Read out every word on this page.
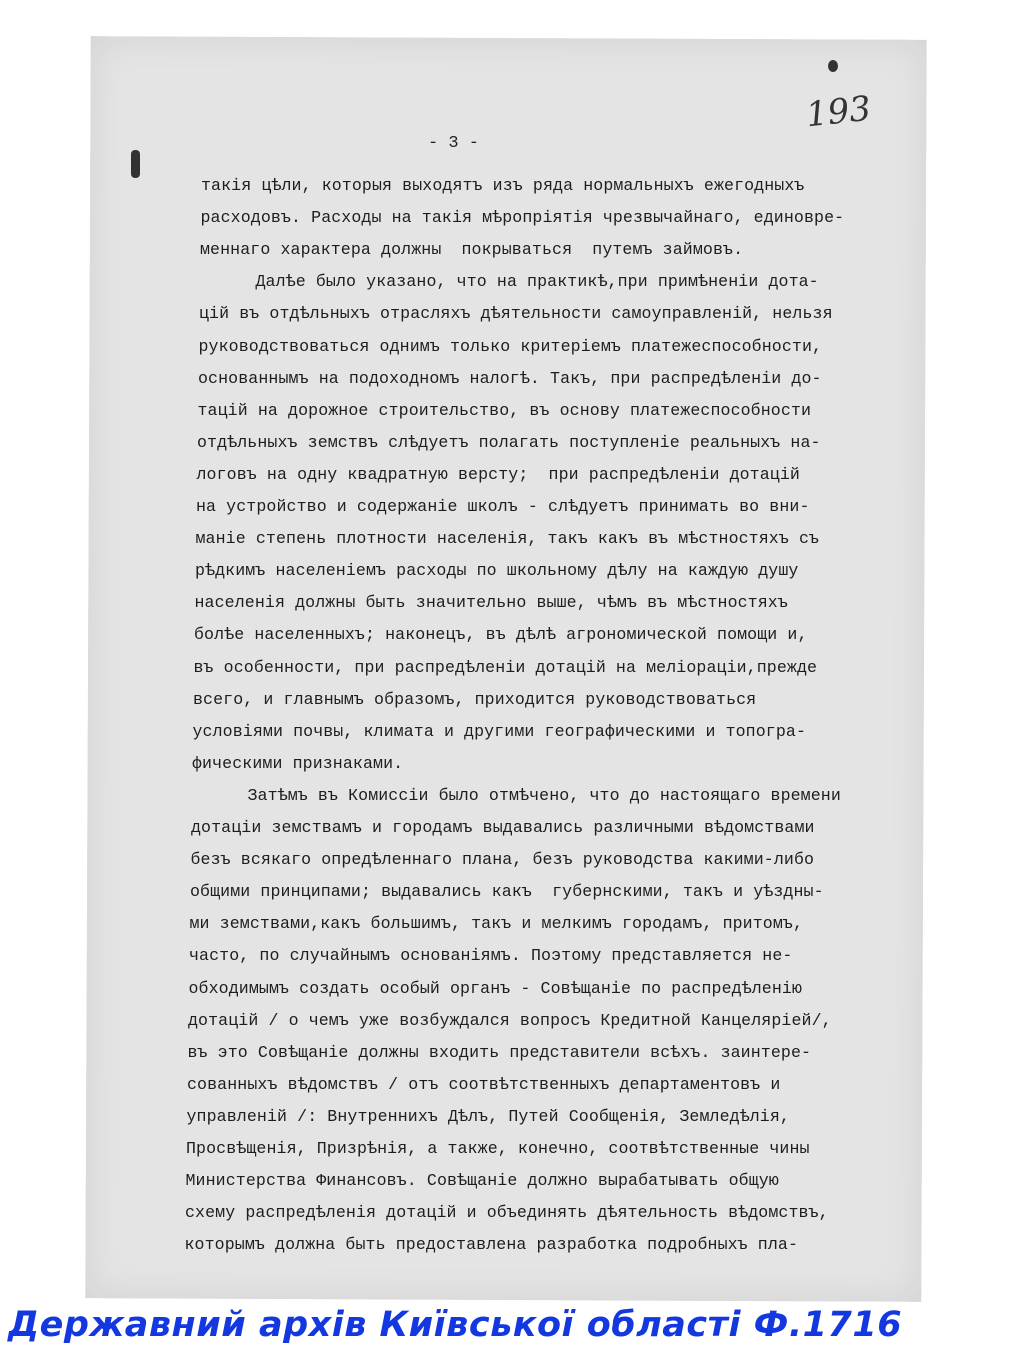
- 3 -
193
такія цѣли, которыя выходятъ изъ ряда нормальныхъ ежегодныхъ
расходовъ. Расходы на такія мѣропріятія чрезвычайнаго, единовре-
меннаго характера должны  покрываться  путемъ займовъ.
Далѣе было указано, что на практикѣ,при примѣненіи дота-
цій въ отдѣльныхъ отрасляхъ дѣятельности самоуправленій, нельзя
руководствоваться однимъ только критеріемъ платежеспособности,
основаннымъ на подоходномъ налогѣ. Такъ, при распредѣленіи до-
тацій на дорожное строительство, въ основу платежеспособности
отдѣльныхъ земствъ слѣдуетъ полагать поступленіе реальныхъ на-
логовъ на одну квадратную версту;  при распредѣленіи дотацій
на устройство и содержаніе школъ - слѣдуетъ принимать во вни-
маніе степень плотности населенія, такъ какъ въ мѣстностяхъ съ
рѣдкимъ населеніемъ расходы по школьному дѣлу на каждую душу
населенія должны быть значительно выше, чѣмъ въ мѣстностяхъ
болѣе населенныхъ; наконецъ, въ дѣлѣ агрономической помощи и,
въ особенности, при распредѣленіи дотацій на меліораціи,прежде
всего, и главнымъ образомъ, приходится руководствоваться
условіями почвы, климата и другими географическими и топогра-
фическими признаками.
Затѣмъ въ Комиссіи было отмѣчено, что до настоящаго времени
дотаціи земствамъ и городамъ выдавались различными вѣдомствами
безъ всякаго опредѣленнаго плана, безъ руководства какими-либо
общими принципами; выдавались какъ  губернскими, такъ и уѣздны-
ми земствами,какъ большимъ, такъ и мелкимъ городамъ, притомъ,
часто, по случайнымъ основаніямъ. Поэтому представляется не-
обходимымъ создать особый органъ - Совѣщаніе по распредѣленію
дотацій / о чемъ уже возбуждался вопросъ Кредитной Канцеляріей/,
въ это Совѣщаніе должны входить представители всѣхъ. заинтере-
сованныхъ вѣдомствъ / отъ соотвѣтственныхъ департаментовъ и
управленій /: Внутреннихъ Дѣлъ, Путей Сообщенія, Земледѣлія,
Просвѣщенія, Призрѣнія, а также, конечно, соотвѣтственные чины
Министерства Финансовъ. Совѣщаніе должно вырабатывать общую
схему распредѣленія дотацій и объединять дѣятельность вѣдомствъ,
которымъ должна быть предоставлена разработка подробныхъ пла-
Державний архів Київської області Ф.1716
